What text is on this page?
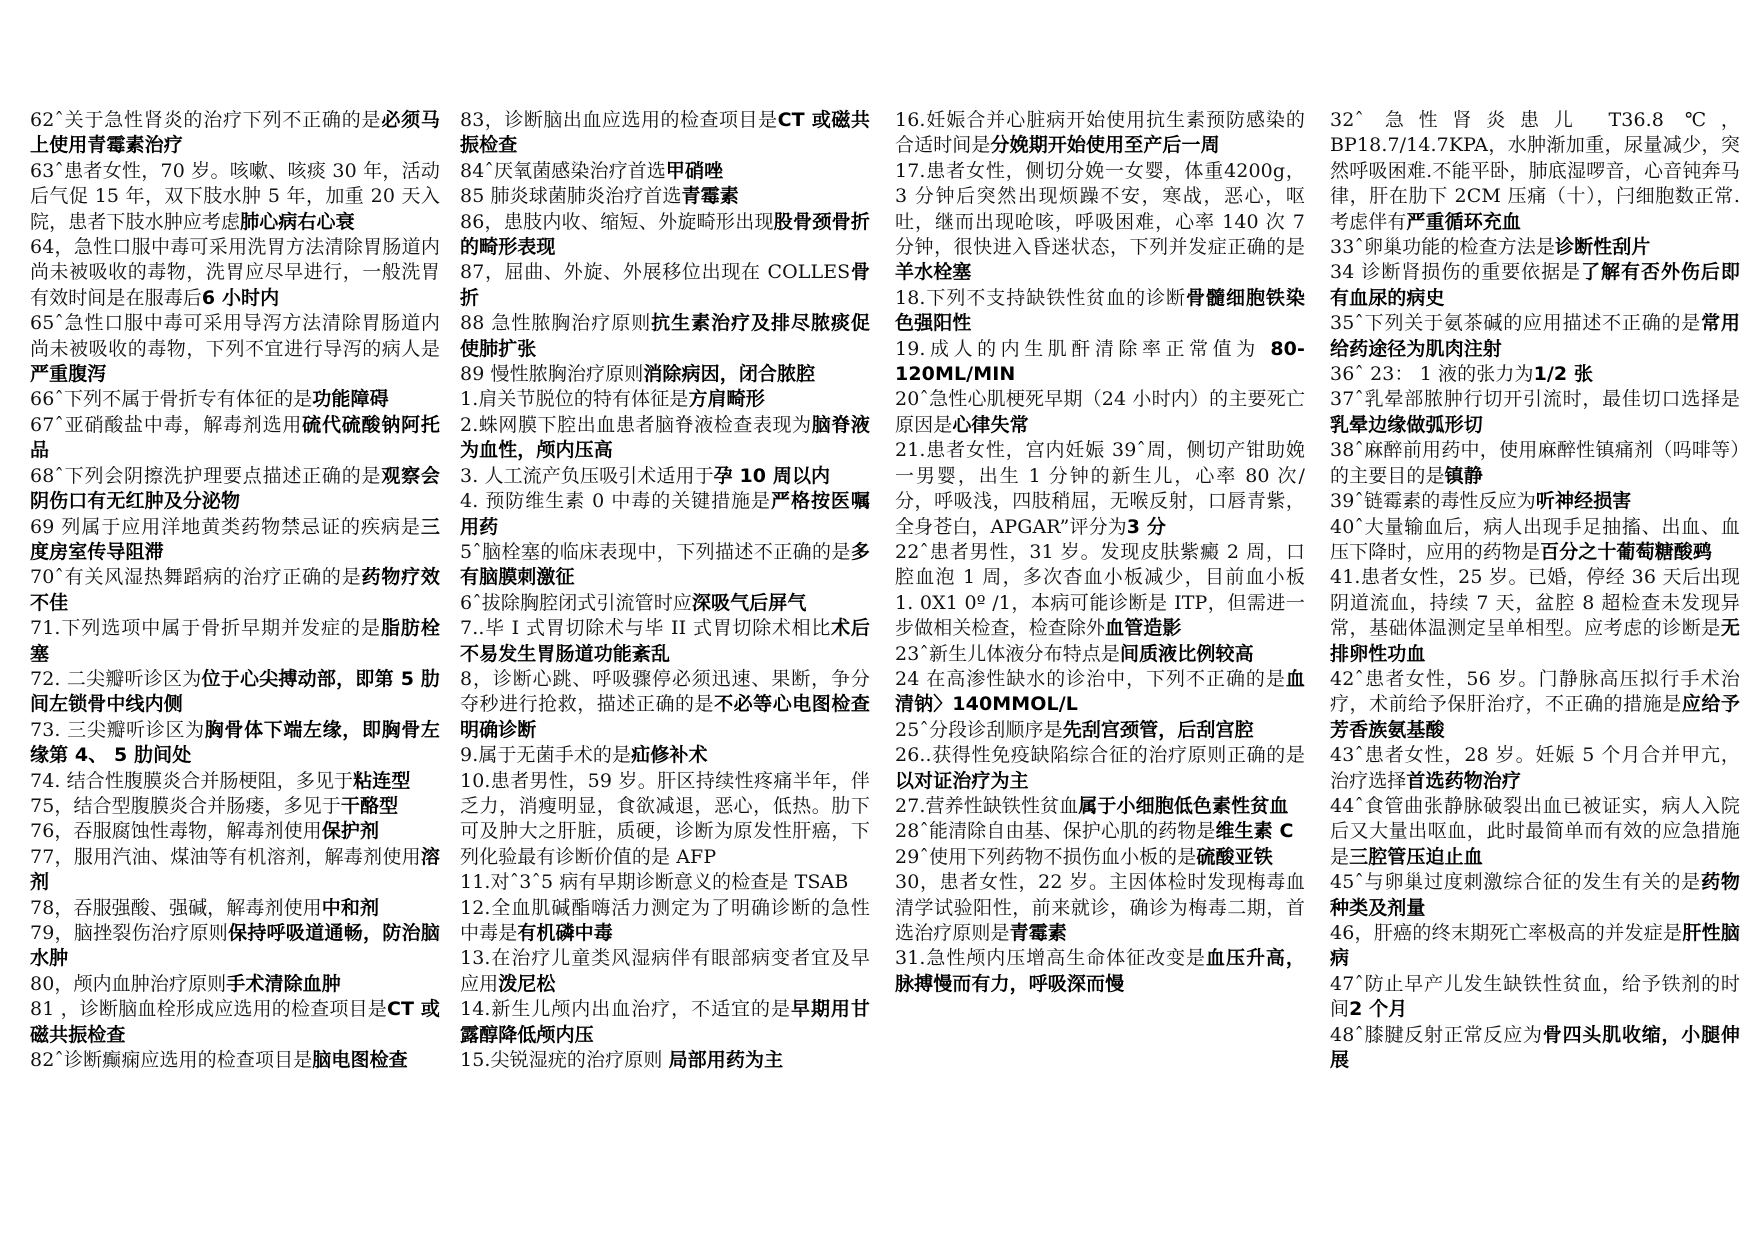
62ˆ关于急性肾炎的治疗下列不正确的是必须马上使用青霉素治疗

63ˆ患者女性，70 岁。咳嗽、咳痰 30 年，活动后气促 15 年，双下肢水肿 5 年，加重 20 天入院，患者下肢水肿应考虑肺心病右心衰

64，急性口服中毒可采用洗胃方法清除胃肠道内尚未被吸收的毒物，洗胃应尽早进行，一般洗胃有效时间是在服毒后6 小时内

65ˆ急性口服中毒可采用导泻方法清除胃肠道内尚未被吸收的毒物，下列不宜进行导泻的病人是严重腹泻

66ˆ下列不属于骨折专有体征的是功能障碍

67ˆ亚硝酸盐中毒，解毒剂选用硫代硫酸钠阿托品

68ˆ下列会阴擦洗护理要点描述正确的是观察会阴伤口有无红肿及分泌物

69 列属于应用洋地黄类药物禁忌证的疾病是三度房室传导阻滞

70ˆ有关风湿热舞蹈病的治疗正确的是药物疗效不佳

71.下列选项中属于骨折早期并发症的是脂肪栓塞

72. 二尖瓣听诊区为位于心尖搏动部，即第 5 肋间左锁骨中线内侧

73. 三尖瓣听诊区为胸骨体下端左缘，即胸骨左缘第 4、 5 肋间处

74. 结合性腹膜炎合并肠梗阻，多见于粘连型

75，结合型腹膜炎合并肠瘘，多见于干酪型

76，吞服腐蚀性毒物，解毒剂使用保护剂

77，服用汽油、煤油等有机溶剂，解毒剂使用溶剂

78，吞服强酸、强碱，解毒剂使用中和剂

79，脑挫裂伤治疗原则保持呼吸道通畅，防治脑水肿

80，颅内血肿治疗原则手术清除血肿

81 ，诊断脑血栓形成应选用的检查项目是CT 或磁共振检查

82ˆ诊断癫痫应选用的检查项目是脑电图检查

83，诊断脑出血应选用的检查项目是CT 或磁共振检查

84ˆ厌氧菌感染治疗首选甲硝唑

85 肺炎球菌肺炎治疗首选青霉素

86，患肢内收、缩短、外旋畸形出现股骨颈骨折的畸形表现

87，屈曲、外旋、外展移位出现在 COLLES骨折

88 急性脓胸治疗原则抗生素治疗及排尽脓痰促使肺扩张

89 慢性脓胸治疗原则消除病因，闭合脓腔

1.肩关节脱位的特有体征是方肩畸形

2.蛛网膜下腔出血患者脑脊液检查表现为脑脊液为血性，颅内压高

3. 人工流产负压吸引术适用于孕 10 周以内

4. 预防维生素 0 中毒的关键措施是严格按医嘱用药

5ˆ脑栓塞的临床表现中，下列描述不正确的是多有脑膜刺激征

6ˆ拔除胸腔闭式引流管时应深吸气后屏气

7..毕 I 式胃切除术与毕 II 式胃切除术相比术后不易发生胃肠道功能紊乱

8，诊断心跳、呼吸骤停必须迅速、果断，争分夺秒进行抢救，描述正确的是不必等心电图检查明确诊断

9.属于无菌手术的是疝修补术

10.患者男性，59 岁。肝区持续性疼痛半年，伴乏力，消瘦明显，食欲减退，恶心，低热。肋下可及肿大之肝脏，质硬，诊断为原发性肝癌，下列化验最有诊断价值的是 AFP

11.对ˆ3ˆ5 病有早期诊断意义的检查是 TSAB

12.全血肌碱酯嗨活力测定为了明确诊断的急性中毒是有机磷中毒

13.在治疗儿童类风湿病伴有眼部病变者宜及早应用泼尼松

14.新生儿颅内出血治疗，不适宜的是早期用甘露醇降低颅内压

15.尖锐湿疣的治疗原则 局部用药为主

16.妊娠合并心脏病开始使用抗生素预防感染的合适时间是分娩期开始使用至产后一周

17.患者女性，侧切分娩一女婴，体重4200g， 3 分钟后突然出现烦躁不安，寒战，恶心，呕吐，继而出现呛咳，呼吸困难，心率 140 次 7 分钟，很快进入昏迷状态，下列并发症正确的是羊水栓塞

18.下列不支持缺铁性贫血的诊断骨髓细胞铁染色强阳性

19.成人的内生肌酐清除率正常值为 80-120ML/MIN

20ˆ急性心肌梗死早期（24 小时内）的主要死亡原因是心律失常

21.患者女性，宫内妊娠 39ˆ周，侧切产钳助娩一男婴，出生 1 分钟的新生儿，心率 80 次/分，呼吸浅，四肢稍屈，无喉反射，口唇青紫，全身苍白，APGAR”评分为3 分

22ˆ患者男性，31 岁。发现皮肤紫癜 2 周，口腔血泡 1 周，多次杳血小板减少，目前血小板 1. 0X1 0º /1，本病可能诊断是 ITP，但需进一步做相关检查，检查除外血管造影

23ˆ新生儿体液分布特点是间质液比例较高

24 在高渗性缺水的诊治中，下列不正确的是血清钠〉140MMOL/L

25ˆ分段诊刮顺序是先刮宫颈管，后刮宫腔

26..获得性免疫缺陷综合征的治疗原则正确的是以对证治疗为主

27.营养性缺铁性贫血属于小细胞低色素性贫血

28ˆ能清除自由基、保护心肌的药物是维生素 C

29ˆ使用下列药物不损伤血小板的是硫酸亚铁

30，患者女性，22 岁。主因体检时发现梅毒血清学试验阳性，前来就诊，确诊为梅毒二期，首选治疗原则是青霉素

31.急性颅内压增高生命体征改变是血压升高，脉搏慢而有力，呼吸深而慢

32ˆ 急性肾炎患儿 T36.8 ℃，BP18.7/14.7KPA，水肿渐加重，尿量减少，突然呼吸困难.不能平卧，肺底湿啰音，心音钝奔马律，肝在肋下 2CM 压痛（十），闩细胞数正常.考虑伴有严重循环充血

33ˆ卵巢功能的检查方法是诊断性刮片

34 诊断肾损伤的重要依据是了解有否外伤后即有血尿的病史

35ˆ下列关于氨茶碱的应用描述不正确的是常用给药途径为肌肉注射

36ˆ 23： 1 液的张力为1/2 张

37ˆ乳晕部脓肿行切开引流时，最佳切口选择是乳晕边缘做弧形切

38ˆ麻醉前用药中，使用麻醉性镇痛剂（吗啡等）的主要目的是镇静

39ˆ链霉素的毒性反应为听神经损害

40ˆ大量输血后，病人出现手足抽搐、出血、血压下降时，应用的药物是百分之十葡萄糖酸鹀

41.患者女性，25 岁。已婚，停经 36 天后出现阴道流血，持续 7 天，盆腔 8 超检查未发现异常，基础体温测定呈单相型。应考虑的诊断是无排卵性功血

42ˆ患者女性，56 岁。门静脉高压拟行手术治疗，术前给予保肝治疗，不正确的措施是应给予芳香族氨基酸

43ˆ患者女性，28 岁。妊娠 5 个月合并甲亢，治疗选择首选药物治疗

44ˆ食管曲张静脉破裂出血已被证实，病人入院后又大量出呕血，此时最简单而有效的应急措施是三腔管压迫止血

45ˆ与卵巢过度刺激综合征的发生有关的是药物种类及剂量

46，肝癌的终末期死亡率极高的并发症是肝性脑病

47ˆ防止早产儿发生缺铁性贫血，给予铁剂的时间2 个月

48ˆ膝腱反射正常反应为骨四头肌收缩，小腿伸展
